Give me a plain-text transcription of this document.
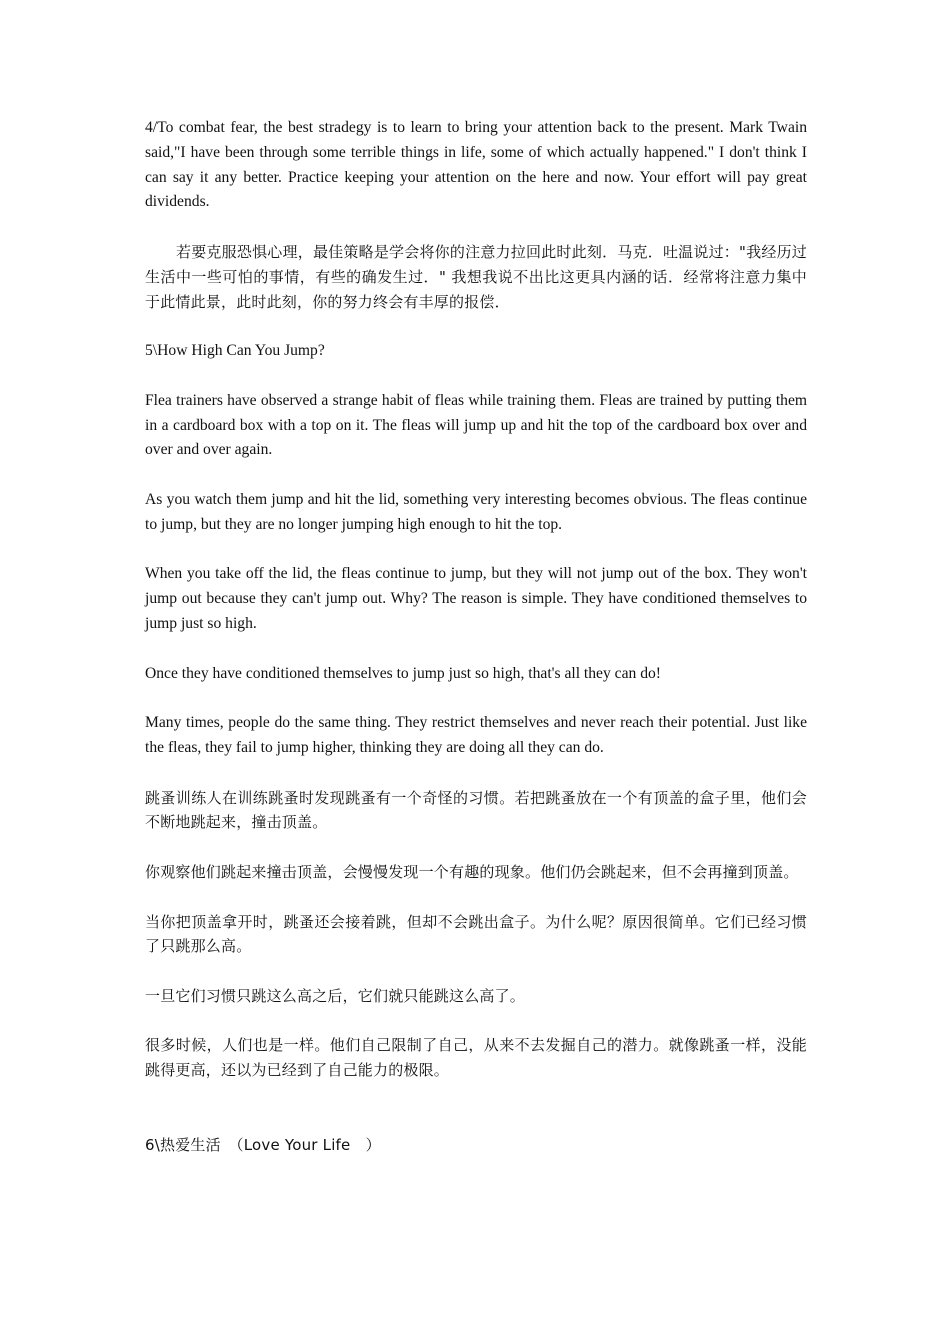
4/To combat fear, the best stradegy is to learn to bring your attention back to the present. Mark Twain said,"I have been through some terrible things in life, some of which actually happened." I don't think I can say it any better. Practice keeping your attention on the here and now. Your effort will pay great dividends.

若要克服恐惧心理，最佳策略是学会将你的注意力拉回此时此刻．马克．吐温说过："我经历过生活中一些可怕的事情，有些的确发生过．" 我想我说不出比这更具内涵的话．经常将注意力集中于此情此景，此时此刻，你的努力终会有丰厚的报偿．

5\How High Can You Jump?

Flea trainers have observed a strange habit of fleas while training them. Fleas are trained by putting them in a cardboard box with a top on it. The fleas will jump up and hit the top of the cardboard box over and over and over again.

As you watch them jump and hit the lid, something very interesting becomes obvious. The fleas continue to jump, but they are no longer jumping high enough to hit the top.

When you take off the lid, the fleas continue to jump, but they will not jump out of the box. They won't jump out because they can't jump out. Why? The reason is simple. They have conditioned themselves to jump just so high.

Once they have conditioned themselves to jump just so high, that's all they can do!

Many times, people do the same thing. They restrict themselves and never reach their potential. Just like the fleas, they fail to jump higher, thinking they are doing all they can do.

跳蚤训练人在训练跳蚤时发现跳蚤有一个奇怪的习惯。若把跳蚤放在一个有顶盖的盒子里，他们会不断地跳起来，撞击顶盖。

你观察他们跳起来撞击顶盖，会慢慢发现一个有趣的现象。他们仍会跳起来，但不会再撞到顶盖。

当你把顶盖拿开时，跳蚤还会接着跳，但却不会跳出盒子。为什么呢？原因很简单。它们已经习惯了只跳那么高。

一旦它们习惯只跳这么高之后，它们就只能跳这么高了。

很多时候，人们也是一样。他们自己限制了自己，从来不去发掘自己的潜力。就像跳蚤一样，没能跳得更高，还以为已经到了自己能力的极限。

6\热爱生活　（Love Your Life　）
